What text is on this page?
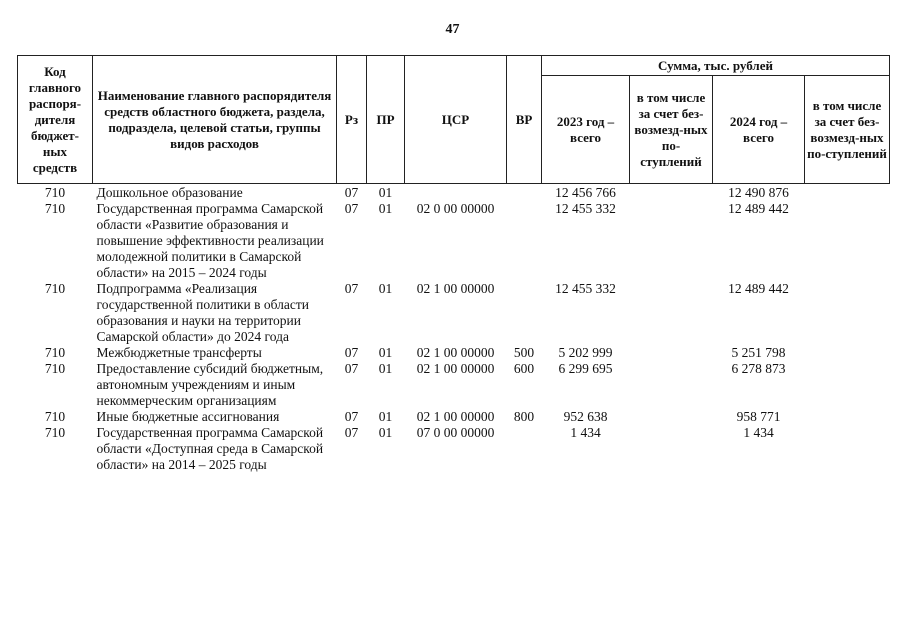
47
Код главного распоря-дителя бюджет-ных средств	Наименование главного распорядителя средств областного бюджета, раздела, подраздела, целевой статьи, группы видов расходов	Рз	ПР	ЦСР	ВР	Сумма, тыс. рублей			
						2023 год – всего	в том числе за счет без-возмезд-ных по-ступлений	2024 год – всего	в том числе за счет без-возмезд-ных по-ступлений
710	Дошкольное образование	07	01			12 456 766		12 490 876	
710	Государственная программа Самарской области «Развитие образования и повышение эффективности реализации молодежной политики в Самарской области» на 2015 – 2024 годы	07	01	02 0 00 00000		12 455 332		12 489 442	
710	Подпрограмма «Реализация государственной политики в области образования и науки на территории Самарской области» до 2024 года	07	01	02 1 00 00000		12 455 332		12 489 442	
710	Межбюджетные трансферты	07	01	02 1 00 00000	500	5 202 999		5 251 798	
710	Предоставление субсидий бюджетным, автономным учреждениям и иным некоммерческим организациям	07	01	02 1 00 00000	600	6 299 695		6 278 873	
710	Иные бюджетные ассигнования	07	01	02 1 00 00000	800	952 638		958 771	
710	Государственная программа Самарской области «Доступная среда в Самарской области» на 2014 – 2025 годы	07	01	07 0 00 00000		1 434		1 434	
